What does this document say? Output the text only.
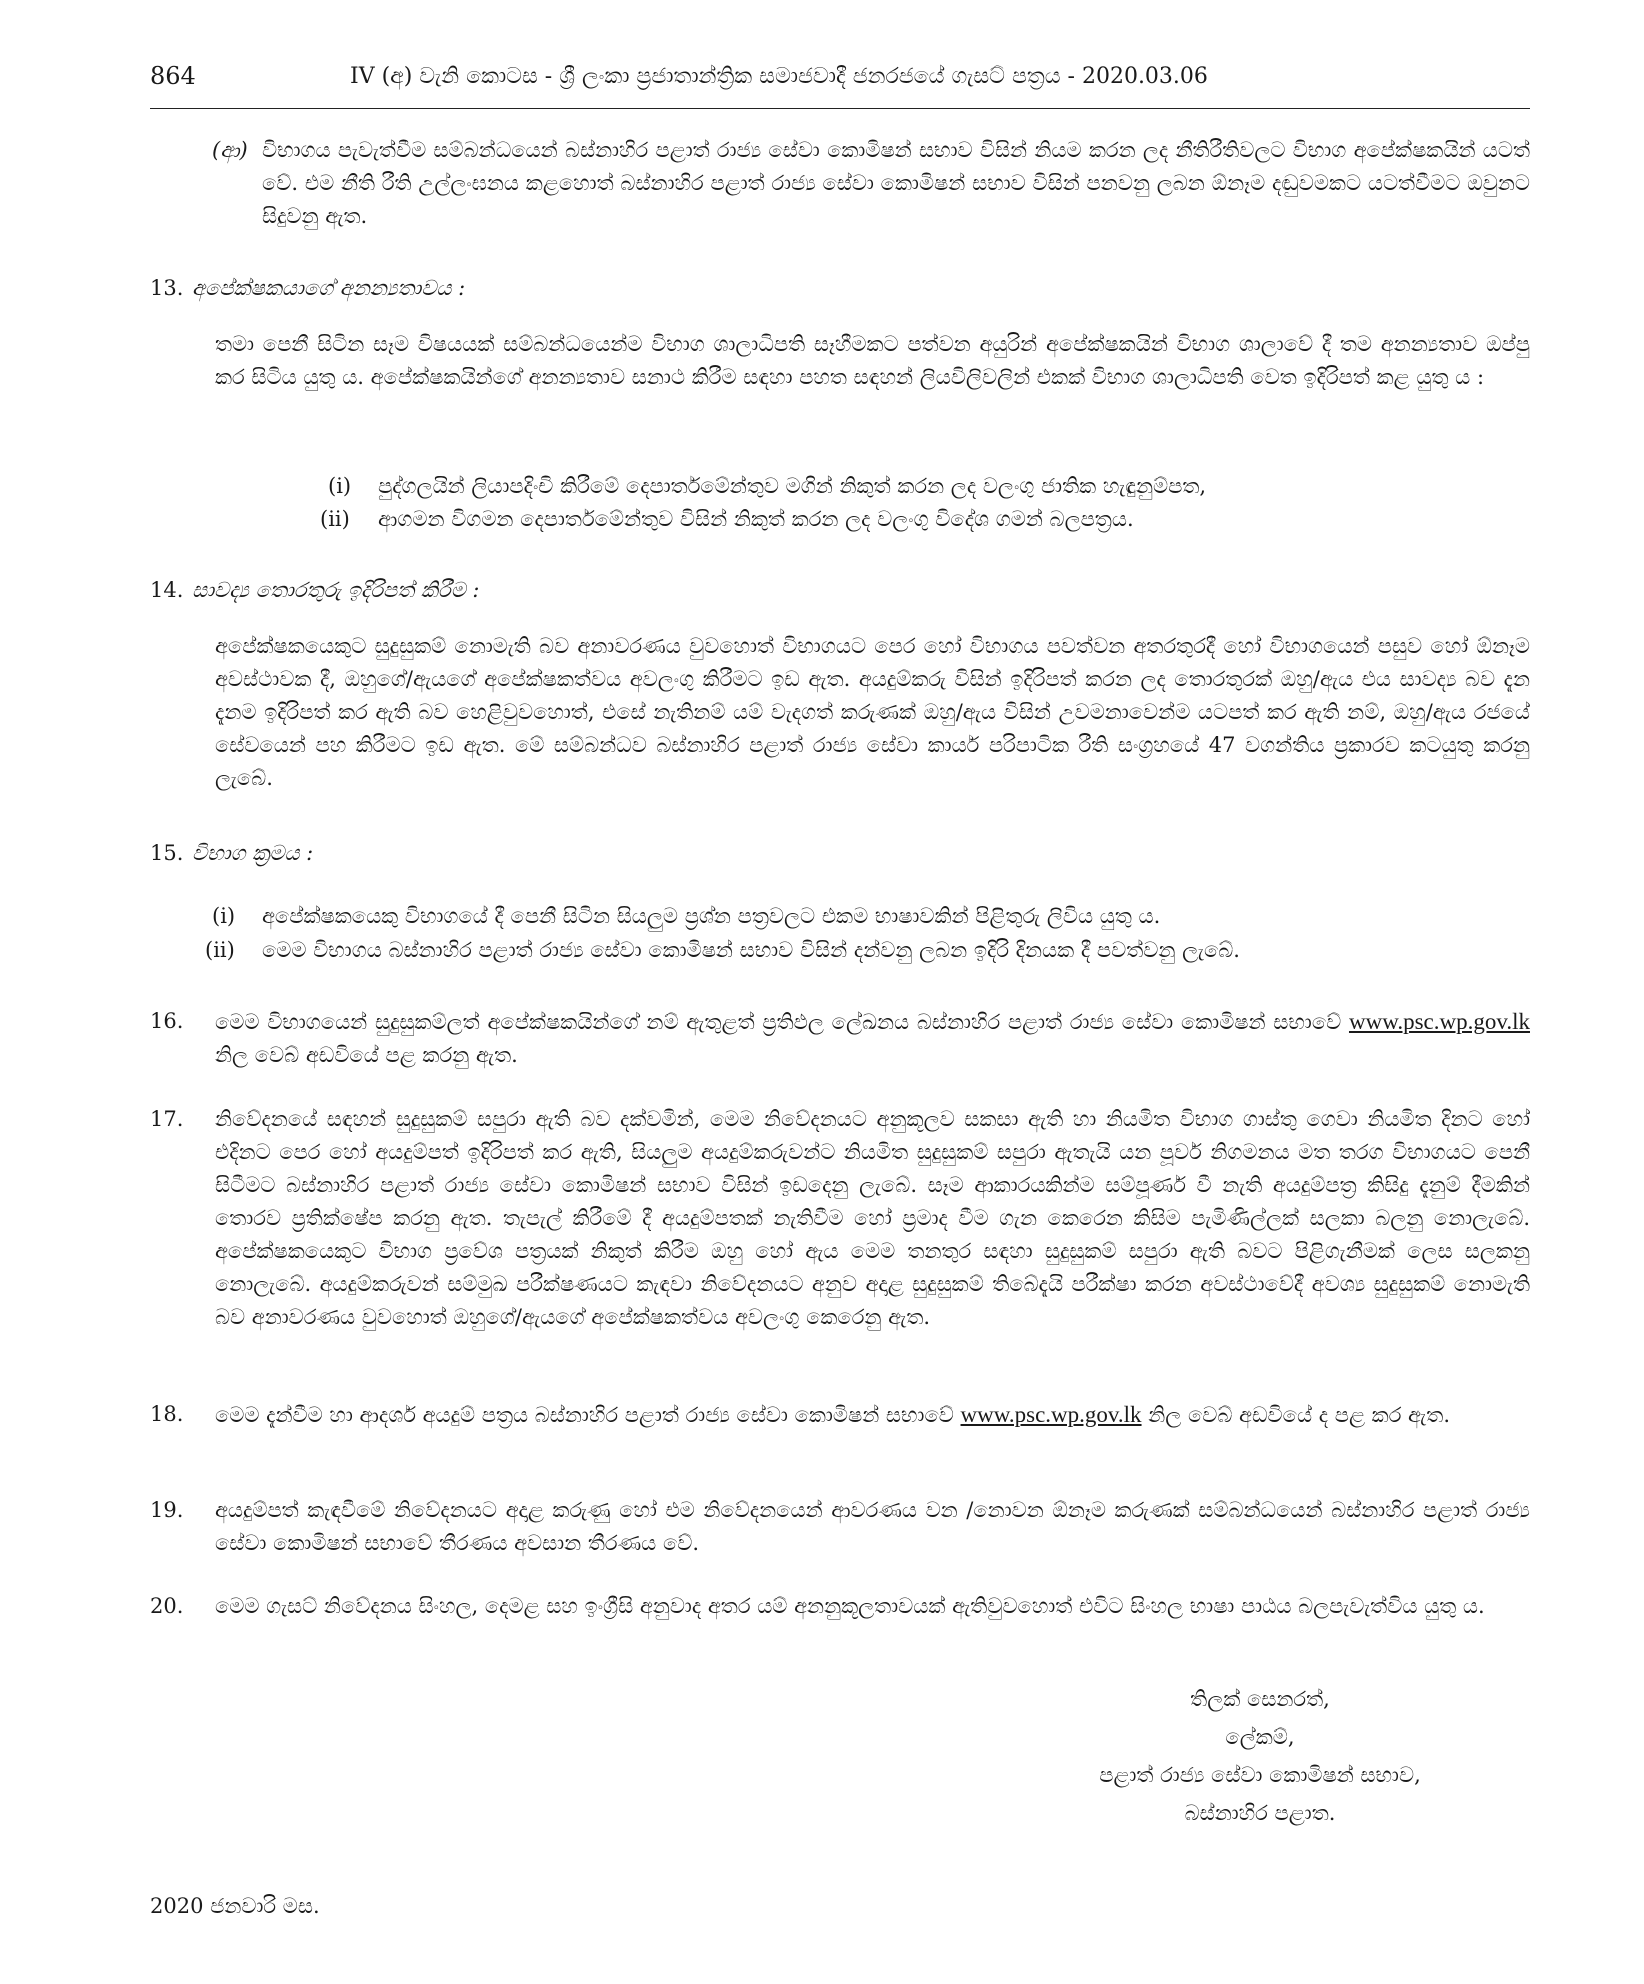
864	IV (අ) වැනි කොටස - ශ්‍රී ලංකා ප්‍රජාතාන්ත්‍රික සමාජවාදී ජනරජයේ ගැසට් පත්‍රය - 2020.03.06
(ආ) විභාගය පැවැත්වීම සම්බන්ධයෙන් බස්නාහිර පළාත් රාජ්‍ය සේවා කොමිෂන් සභාව විසින් නියම කරන ලද නීතිරීතිවලට විභාග අපේක්ෂකයින් යටත් වේ. එම නීති රීති උල්ලංඝනය කළහොත් බස්නාහිර පළාත් රාජ්‍ය සේවා කොමිෂන් සභාව විසින් පනවනු ලබන ඕනෑම දඬුවමකට යටත්වීමට ඔවුනට සිදුවනු ඇත.
13. අපේක්ෂකයාගේ අනන්‍යතාවය :
තමා පෙනී සිටින සෑම විෂයයක් සම්බන්ධයෙන්ම විභාග ශාලාධිපති සෑහීමකට පත්වන අයුරින් අපේක්ෂකයින් විභාග ශාලාවේ දී තම අනන්‍යතාව ඔප්පු කර සිටිය යුතු ය. අපේක්ෂකයින්ගේ අනන්‍යතාව සනාථ කිරීම සඳහා පහත සඳහන් ලියවිලිවලින් එකක් විභාග ශාලාධිපති වෙත ඉදිරිපත් කළ යුතු ය :
(i) පුද්ගලයින් ලියාපදිංචි කිරීමේ දෙපාර්තමේන්තුව මගින් නිකුත් කරන ලද වලංගු ජාතික හැඳුනුම්පත,
(ii) ආගමන විගමන දෙපාර්තමේන්තුව විසින් නිකුත් කරන ලද වලංගු විදේශ ගමන් බලපත්‍රය.
14. සාවද්‍ය තොරතුරු ඉදිරිපත් කිරීම :
අපේක්ෂකයෙකුට සුදුසුකම් නොමැති බව අනාවරණය වුවහොත් විභාගයට පෙර හෝ විභාගය පවත්වන අතරතුරදී හෝ විභාගයෙන් පසුව හෝ ඕනෑම අවස්ථාවක දී, ඔහුගේ/ඇයගේ අපේක්ෂකත්වය අවලංගු කිරීමට ඉඩ ඇත. අයදුම්කරු විසින් ඉදිරිපත් කරන ලද තොරතුරක් ඔහු/ඇය එය සාවද්‍ය බව දැන දැනම ඉදිරිපත් කර ඇති බව හෙළිවුවහොත්, එසේ නැතිනම් යම් වැදගත් කරුණක් ඔහු/ඇය විසින් උවමනාවෙන්ම යටපත් කර ඇති නම්, ඔහු/ඇය රජයේ සේවයෙන් පහ කිරීමට ඉඩ ඇත. මේ සම්බන්ධව බස්නාහිර පළාත් රාජ්‍ය සේවා කාර්ය පරිපාටික රීති සංග්‍රහයේ 47 වගන්තිය ප්‍රකාරව කටයුතු කරනු ලැබේ.
15. විභාග ක්‍රමය :
(i) අපේක්ෂකයෙකු විභාගයේ දී පෙනී සිටින සියලුම ප්‍රශ්න පත්‍රවලට එකම භාෂාවකින් පිළිතුරු ලිවිය යුතු ය.
(ii) මෙම විභාගය බස්නාහිර පළාත් රාජ්‍ය සේවා කොමිෂන් සභාව විසින් දන්වනු ලබන ඉදිරි දිනයක දී පවත්වනු ලැබේ.
16. මෙම විභාගයෙන් සුදුසුකම්ලත් අපේක්ෂකයින්ගේ නම් ඇතුළත් ප්‍රතිඵල ලේඛනය බස්නාහිර පළාත් රාජ්‍ය සේවා කොමිෂන් සභාවේ www.psc.wp.gov.lk නිල වෙබ් අඩවියේ පළ කරනු ඇත.
17. නිවේදනයේ සඳහන් සුදුසුකම් සපුරා ඇති බව දක්වමින්, මෙම නිවේදනයට අනුකූලව සකසා ඇති හා නියමිත විභාග ගාස්තු ගෙවා නියමිත දිනට හෝ එදිනට පෙර හෝ අයදුම්පත් ඉදිරිපත් කර ඇති, සියලුම අයදුම්කරුවන්ට නියමිත සුදුසුකම් සපුරා ඇතැයි යන පූර්ව නිගමනය මත තරග විභාගයට පෙනී සිටීමට බස්නාහිර පළාත් රාජ්‍ය සේවා කොමිෂන් සභාව විසින් ඉඩදෙනු ලැබේ. සෑම ආකාරයකින්ම සම්පූර්ණ වී නැති අයදුම්පත්‍ර කිසිදු දැනුම් දීමකින් තොරව ප්‍රතික්ෂේප කරනු ඇත. තැපැල් කිරීමේ දී අයදුම්පතක් නැතිවීම හෝ ප්‍රමාද වීම ගැන කෙරෙන කිසිම පැමිණිල්ලක් සලකා බලනු නොලැබේ. අපේක්ෂකයෙකුට විභාග ප්‍රවේශ පත්‍රයක් නිකුත් කිරීම ඔහු හෝ ඇය මෙම තනතුර සඳහා සුදුසුකම් සපුරා ඇති බවට පිළිගැනීමක් ලෙස සලකනු නොලැබේ. අයදුම්කරුවන් සම්මුඛ පරීක්ෂණයට කැඳවා නිවේදනයට අනුව අදාළ සුදුසුකම් තිබේදැයි පරීක්ෂා කරන අවස්ථාවේදී අවශ්‍ය සුදුසුකම් නොමැති බව අනාවරණය වුවහොත් ඔහුගේ/ඇයගේ අපේක්ෂකත්වය අවලංගු කෙරෙනු ඇත.
18. මෙම දැන්වීම හා ආදර්ශ අයදුම් පත්‍රය බස්නාහිර පළාත් රාජ්‍ය සේවා කොමිෂන් සභාවේ www.psc.wp.gov.lk නිල වෙබ් අඩවියේ ද පළ කර ඇත.
19. අයදුම්පත් කැඳවීමේ නිවේදනයට අදාළ කරුණු හෝ එම නිවේදනයෙන් ආවරණය වන /නොවන ඕනෑම කරුණක් සම්බන්ධයෙන් බස්නාහිර පළාත් රාජ්‍ය සේවා කොමිෂන් සභාවේ තීරණය අවසාන තීරණය වේ.
20. මෙම ගැසට් නිවේදනය සිංහල, දෙමළ සහ ඉංග්‍රීසි අනුවාද අතර යම් අනනුකූලතාවයක් ඇතිවුවහොත් එවිට සිංහල භාෂා පාඨය බලපැවැත්විය යුතු ය.
තිලක් සෙනරත්,
ලේකම්,
පළාත් රාජ්‍ය සේවා කොමිෂන් සභාව,
බස්නාහිර පළාත.
2020 ජනවාරි මස.
